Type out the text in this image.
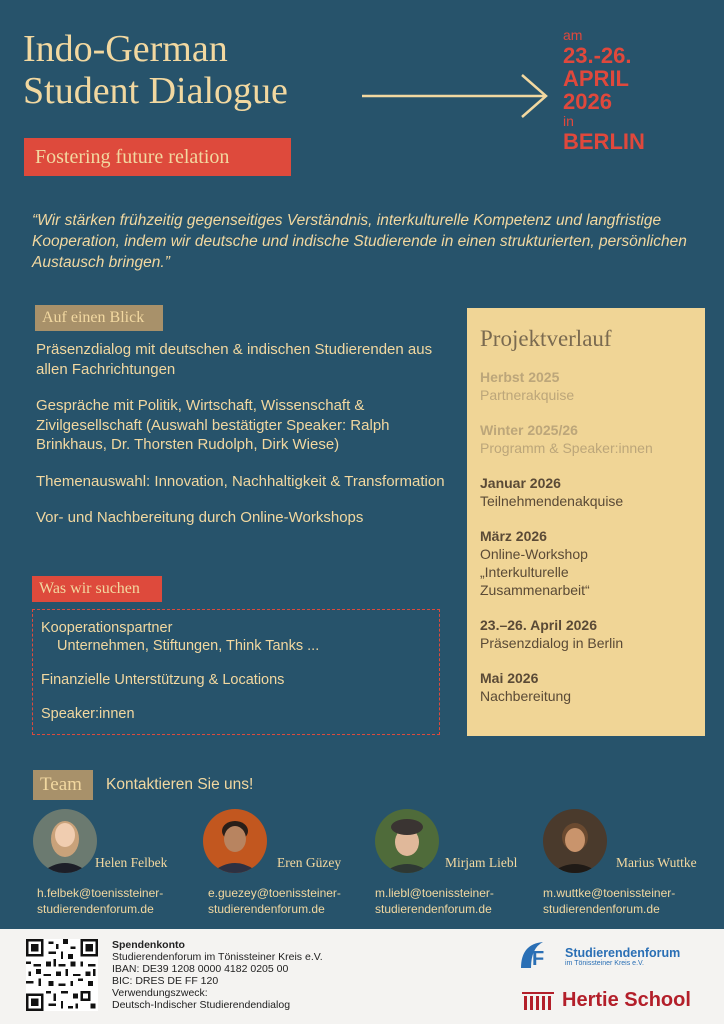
Indo-German
Student Dialogue
am
23.-26.
APRIL
2026
in
BERLIN
Fostering future relation

“Wir stärken frühzeitig gegenseitiges Verständnis, interkulturelle Kompetenz und langfristige Kooperation, indem wir deutsche und indische Studierende in einen strukturierten, persönlichen Austausch bringen.”

Auf einen Blick

Präsenzdialog mit deutschen & indischen Studierenden aus allen Fachrichtungen

Gespräche mit Politik, Wirtschaft, Wissenschaft & Zivilgesellschaft (Auswahl bestätigter Speaker: Ralph Brinkhaus, Dr. Thorsten Rudolph, Dirk Wiese)

Themenauswahl: Innovation, Nachhaltigkeit & Transformation

Vor- und Nachbereitung durch Online-Workshops

Was wir suchen
Kooperationspartner
Unternehmen, Stiftungen, Think Tanks ...

Finanzielle Unterstützung & Locations

Speaker:innen

Projektverlauf
Herbst 2025
Partnerakquise
Winter 2025/26
Programm & Speaker:innen
Januar 2026
Teilnehmendenakquise
März 2026
Online-Workshop „Interkulturelle Zusammenarbeit“
23.–26. April 2026
Präsenzdialog in Berlin
Mai 2026
Nachbereitung
Team	Kontaktieren Sie uns!
Helen Felbek
h.felbek@toenissteiner-
studierendenforum.de
Eren Güzey
e.guezey@toenissteiner-
studierendenforum.de
Mirjam Liebl
m.liebl@toenissteiner-
studierendenforum.de
Marius Wuttke
m.wuttke@toenissteiner-
studierendenforum.de
Spendenkonto
Studierendenforum im Tönissteiner Kreis e.V.
IBAN: DE39 1208 0000 4182 0205 00
BIC: DRES DE FF 120
Verwendungszweck:
Deutsch-Indischer Studierendendialog
F Studierendenforum
im Tönissteiner Kreis e.V.
Hertie School
